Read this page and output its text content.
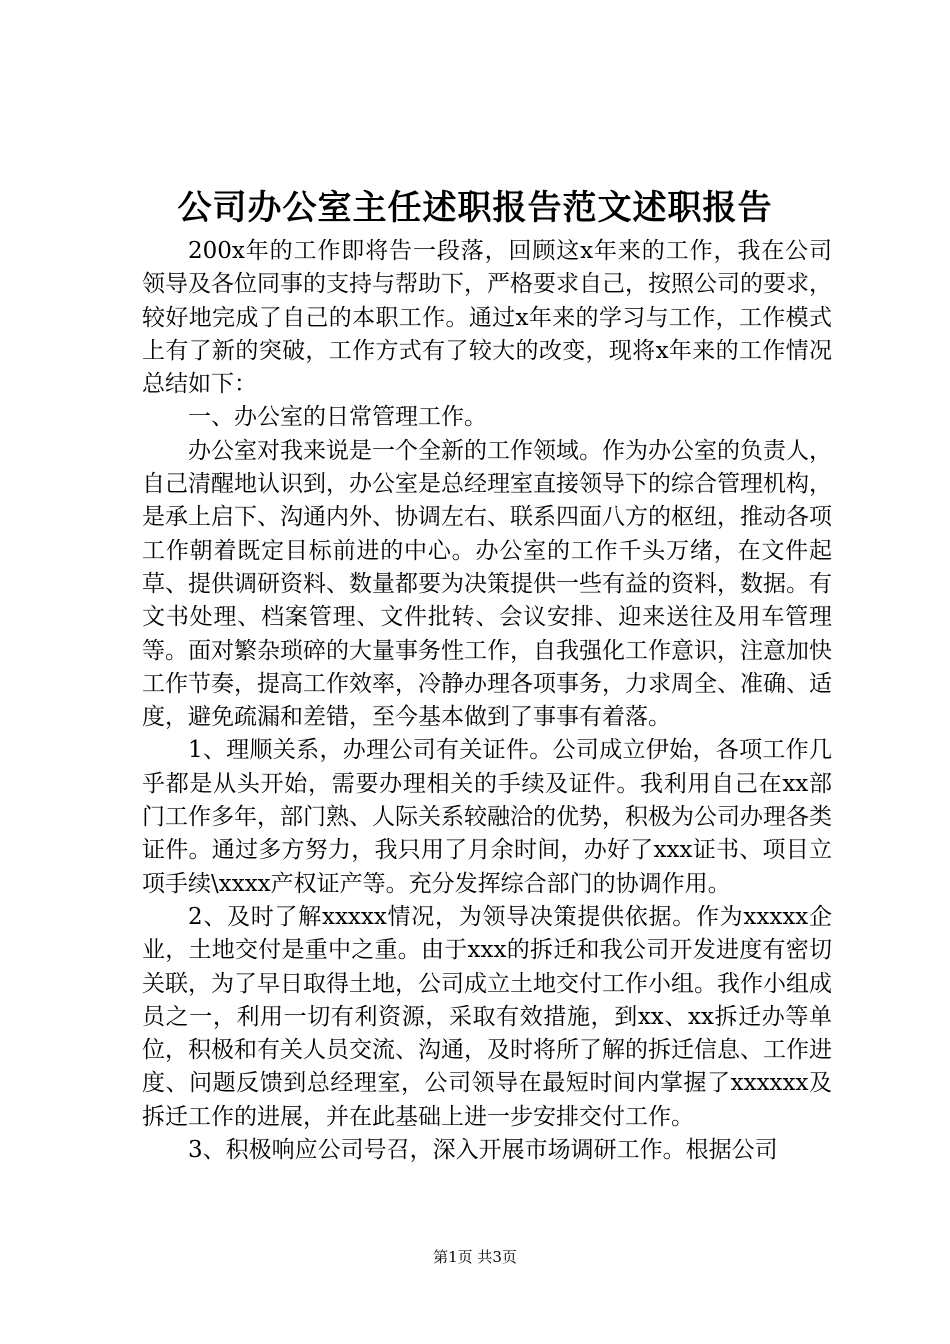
公司办公室主任述职报告范文述职报告

200x年的工作即将告一段落，回顾这x年来的工作，我在公司领导及各位同事的支持与帮助下，严格要求自己，按照公司的要求，较好地完成了自己的本职工作。通过x年来的学习与工作，工作模式上有了新的突破，工作方式有了较大的改变，现将x年来的工作情况总结如下：

一、办公室的日常管理工作。

办公室对我来说是一个全新的工作领域。作为办公室的负责人，自己清醒地认识到，办公室是总经理室直接领导下的综合管理机构，是承上启下、沟通内外、协调左右、联系四面八方的枢纽，推动各项工作朝着既定目标前进的中心。办公室的工作千头万绪，在文件起草、提供调研资料、数量都要为决策提供一些有益的资料，数据。有文书处理、档案管理、文件批转、会议安排、迎来送往及用车管理等。面对繁杂琐碎的大量事务性工作，自我强化工作意识，注意加快工作节奏，提高工作效率，冷静办理各项事务，力求周全、准确、适度，避免疏漏和差错，至今基本做到了事事有着落。

1、理顺关系，办理公司有关证件。公司成立伊始，各项工作几乎都是从头开始，需要办理相关的手续及证件。我利用自己在xx部门工作多年，部门熟、人际关系较融洽的优势，积极为公司办理各类证件。通过多方努力，我只用了月余时间，办好了xxx证书、项目立项手续\xxxx产权证产等。充分发挥综合部门的协调作用。

2、及时了解xxxxx情况，为领导决策提供依据。作为xxxxx企业，土地交付是重中之重。由于xxx的拆迁和我公司开发进度有密切关联，为了早日取得土地，公司成立土地交付工作小组。我作小组成员之一，利用一切有利资源，采取有效措施，到xx、xx拆迁办等单位，积极和有关人员交流、沟通，及时将所了解的拆迁信息、工作进度、问题反馈到总经理室，公司领导在最短时间内掌握了xxxxxx及拆迁工作的进展，并在此基础上进一步安排交付工作。

3、积极响应公司号召，深入开展市场调研工作。根据公司

第1页 共3页
